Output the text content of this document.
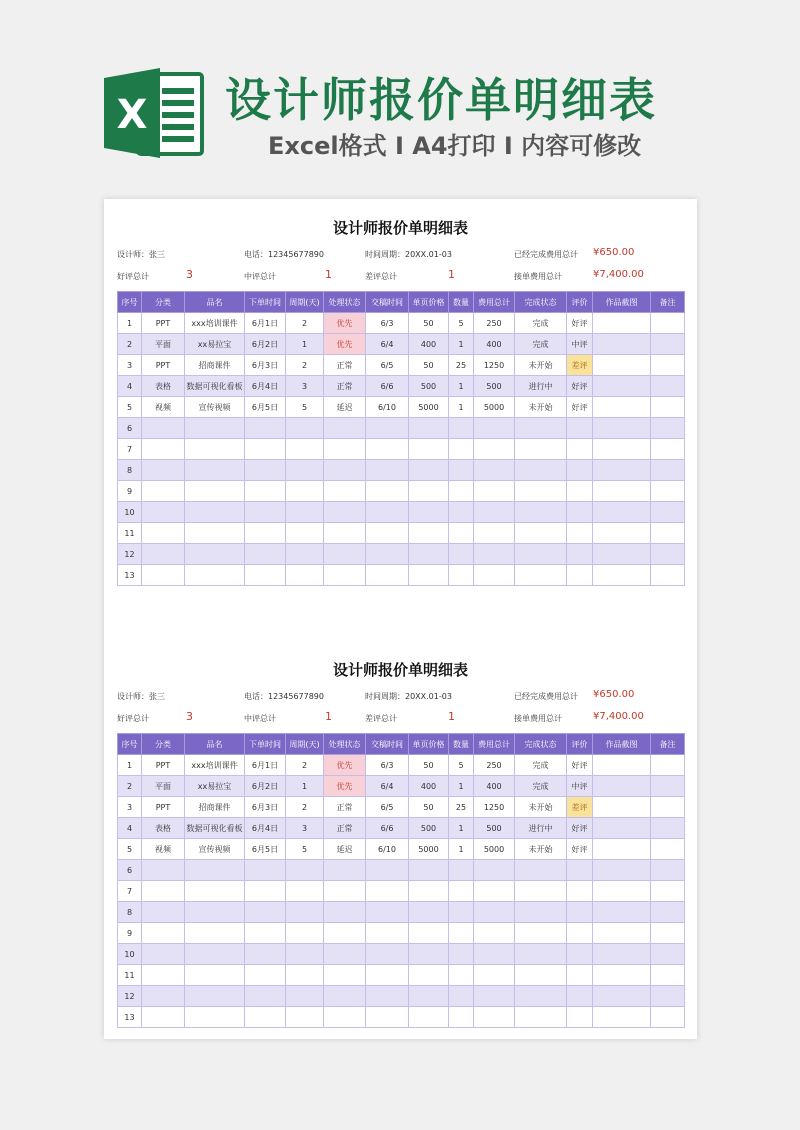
X 设计师报价单明细表
Excel格式 I A4打印 I 内容可修改
设计师报价单明细表
设计师：张三	电话：12345677890	时间周期：20XX.01-03	已经完成费用总计 ¥650.00
好评总计	3	中评总计	1	差评总计	1	接单费用总计	¥7,400.00
序号	分类	品名	下单时间	周期(天)	处理状态	交稿时间	单页价格	数量	费用总计	完成状态	评价	作品截图	备注
1	PPT	xxx培训课件	6月1日	2	优先	6/3	50	5	250	完成	好评		
2	平面	xx易拉宝	6月2日	1	优先	6/4	400	1	400	完成	中评		
3	PPT	招商课件	6月3日	2	正常	6/5	50	25	1250	未开始	差评		
4	表格	数据可视化看板	6月4日	3	正常	6/6	500	1	500	进行中	好评		
5	视频	宣传视频	6月5日	5	延迟	6/10	5000	1	5000	未开始	好评		
6													
7													
8													
9													
10													
11													
12													
13													
设计师报价单明细表
设计师：张三	电话：12345677890	时间周期：20XX.01-03	已经完成费用总计 ¥650.00
好评总计	3	中评总计	1	差评总计	1	接单费用总计	¥7,400.00
序号	分类	品名	下单时间	周期(天)	处理状态	交稿时间	单页价格	数量	费用总计	完成状态	评价	作品截图	备注
1	PPT	xxx培训课件	6月1日	2	优先	6/3	50	5	250	完成	好评		
2	平面	xx易拉宝	6月2日	1	优先	6/4	400	1	400	完成	中评		
3	PPT	招商课件	6月3日	2	正常	6/5	50	25	1250	未开始	差评		
4	表格	数据可视化看板	6月4日	3	正常	6/6	500	1	500	进行中	好评		
5	视频	宣传视频	6月5日	5	延迟	6/10	5000	1	5000	未开始	好评		
6													
7													
8													
9													
10													
11													
12													
13													
